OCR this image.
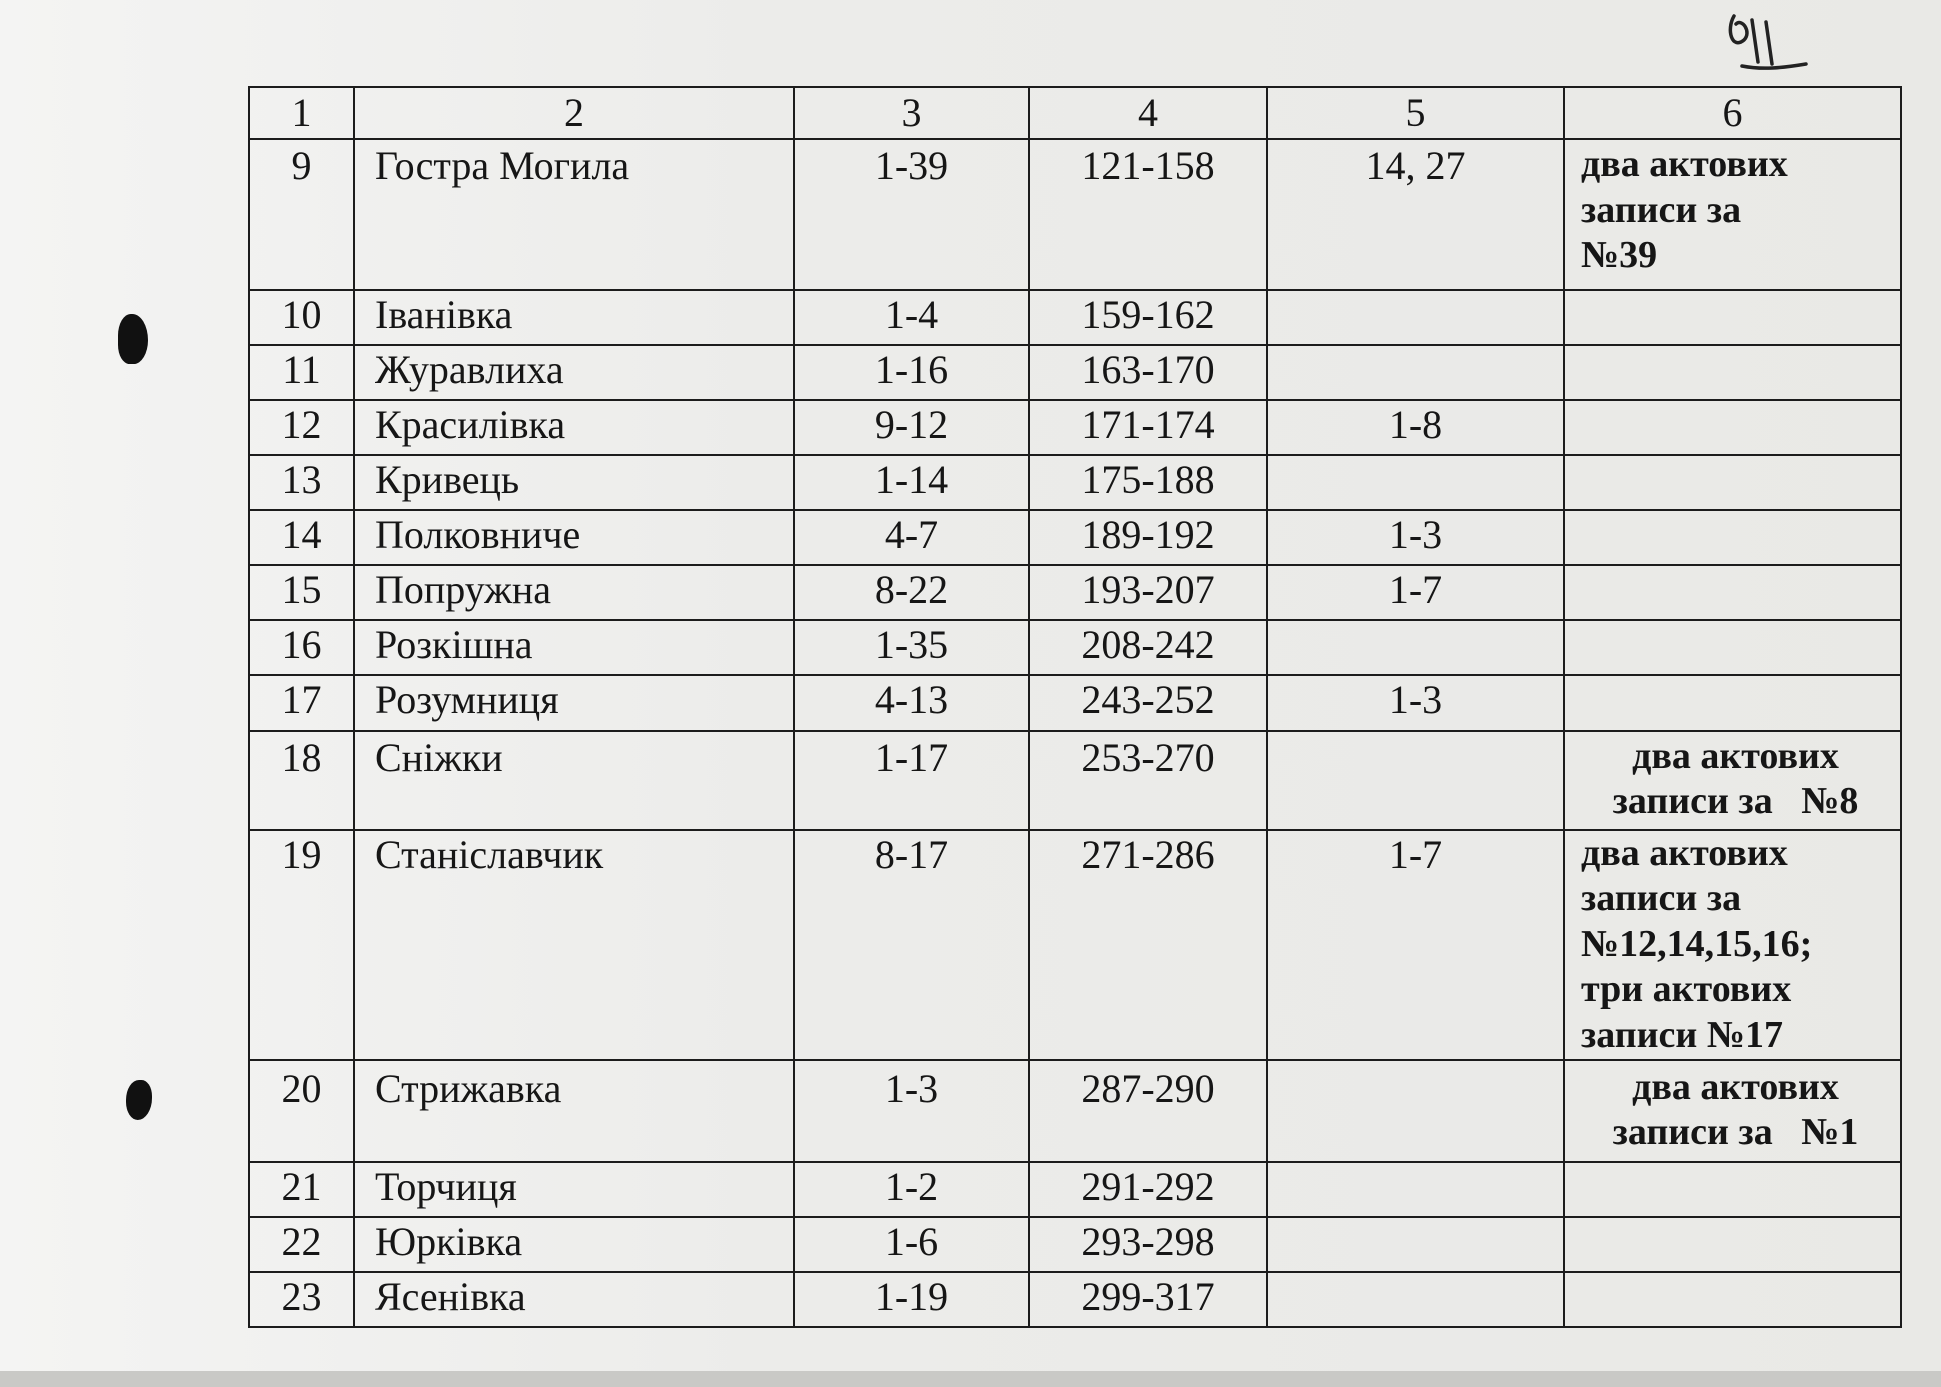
1	2	3	4	5	6
9	Гостра Могила	1-39	121-158	14, 27	два актових
записи за
№39

10	Іванівка	1-4	159-162		
11	Журавлиха	1-16	163-170		
12	Красилівка	9-12	171-174	1-8	
13	Кривець	1-14	175-188		
14	Полковниче	4-7	189-192	1-3	
15	Попружна	8-22	193-207	1-7	
16	Розкішна	1-35	208-242		
17	Розумниця	4-13	243-252	1-3	
18	Сніжки	1-17	253-270		два актових
записи за   №8

19	Станіславчик	8-17	271-286	1-7	два актових
записи за
№12,14,15,16;
три актових
записи №17

20	Стрижавка	1-3	287-290		два актових
записи за   №1

21	Торчиця	1-2	291-292		
22	Юрківка	1-6	293-298		
23	Ясенівка	1-19	299-317		
